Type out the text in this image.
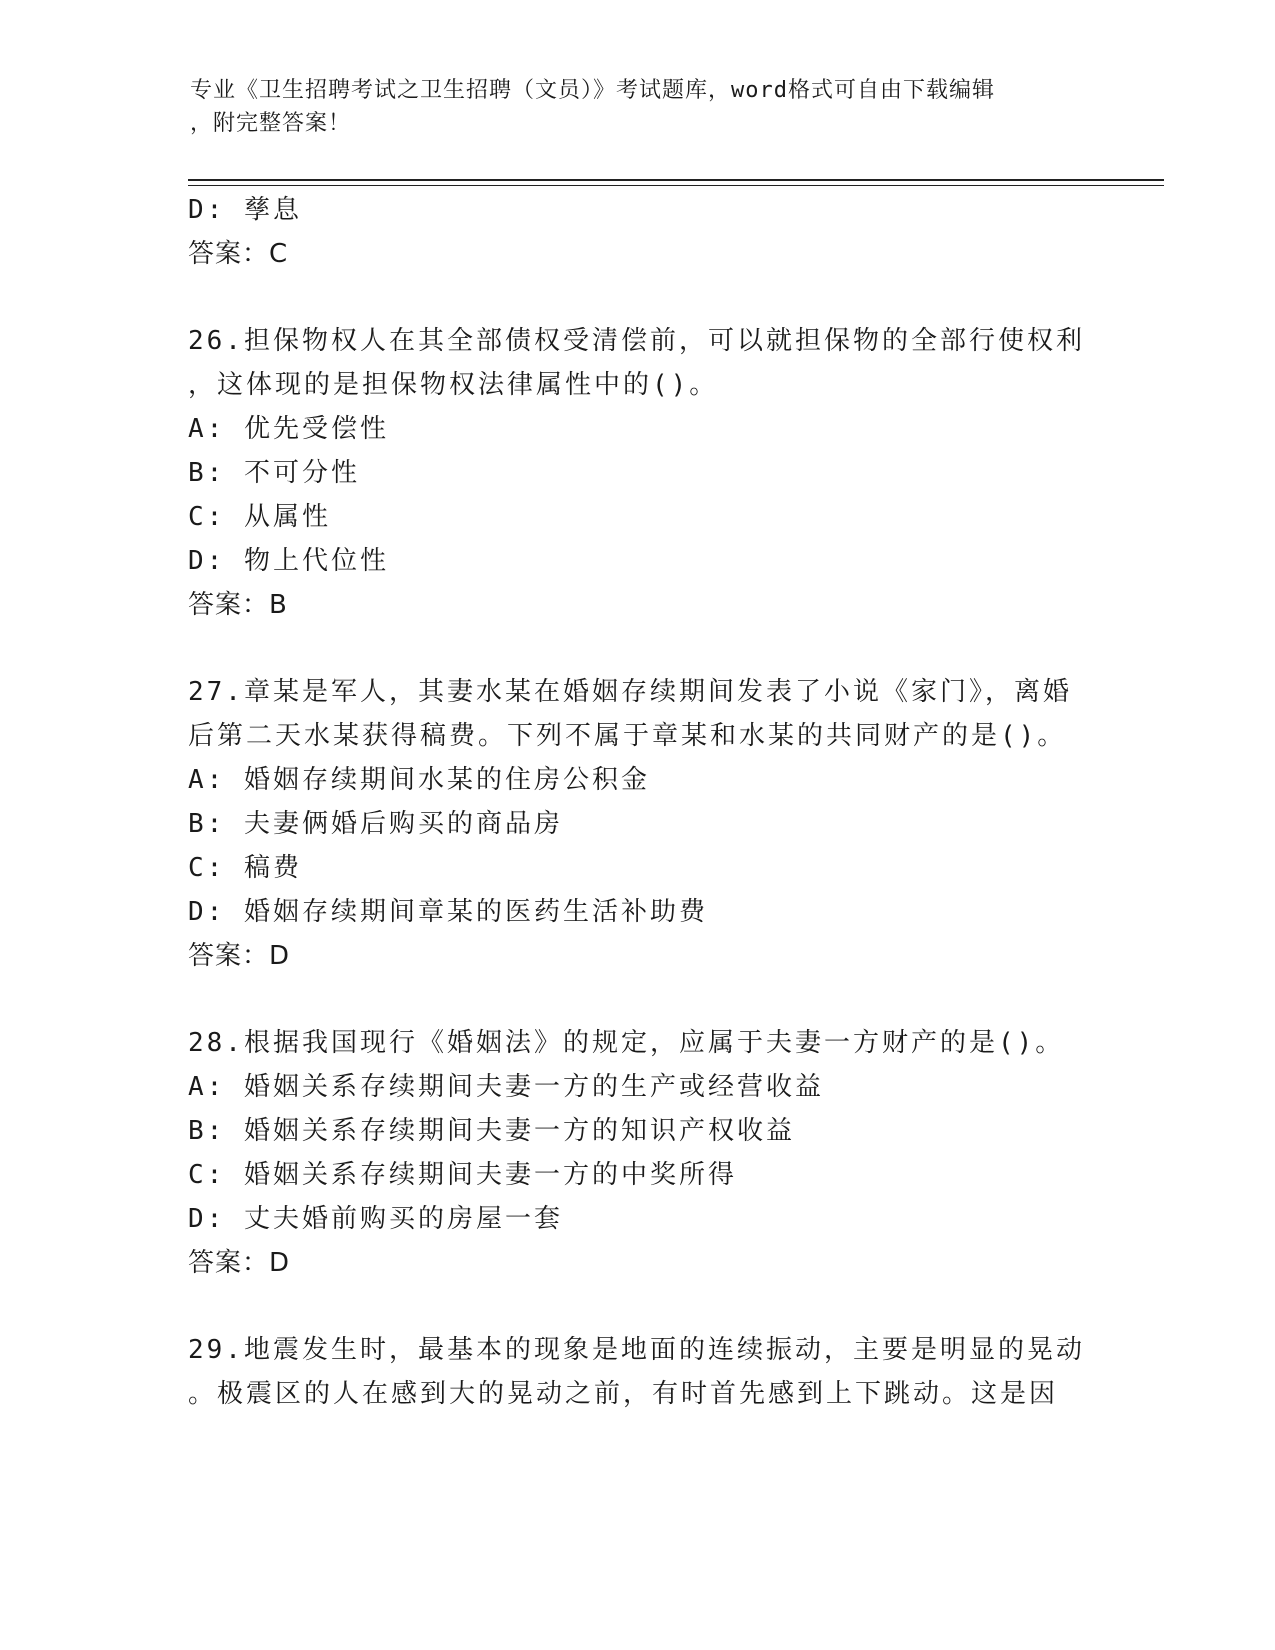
专业《卫生招聘考试之卫生招聘（文员）》考试题库，word格式可自由下载编辑
，附完整答案！
D: 孳息
答案：C
26.担保物权人在其全部债权受清偿前，可以就担保物的全部行使权利
，这体现的是担保物权法律属性中的()。
A: 优先受偿性
B: 不可分性
C: 从属性
D: 物上代位性
答案：B
27.章某是军人，其妻水某在婚姻存续期间发表了小说《家门》，离婚
后第二天水某获得稿费。下列不属于章某和水某的共同财产的是()。
A: 婚姻存续期间水某的住房公积金
B: 夫妻俩婚后购买的商品房
C: 稿费
D: 婚姻存续期间章某的医药生活补助费
答案：D
28.根据我国现行《婚姻法》的规定，应属于夫妻一方财产的是()。
A: 婚姻关系存续期间夫妻一方的生产或经营收益
B: 婚姻关系存续期间夫妻一方的知识产权收益
C: 婚姻关系存续期间夫妻一方的中奖所得
D: 丈夫婚前购买的房屋一套
答案：D
29.地震发生时，最基本的现象是地面的连续振动，主要是明显的晃动
。极震区的人在感到大的晃动之前，有时首先感到上下跳动。这是因
